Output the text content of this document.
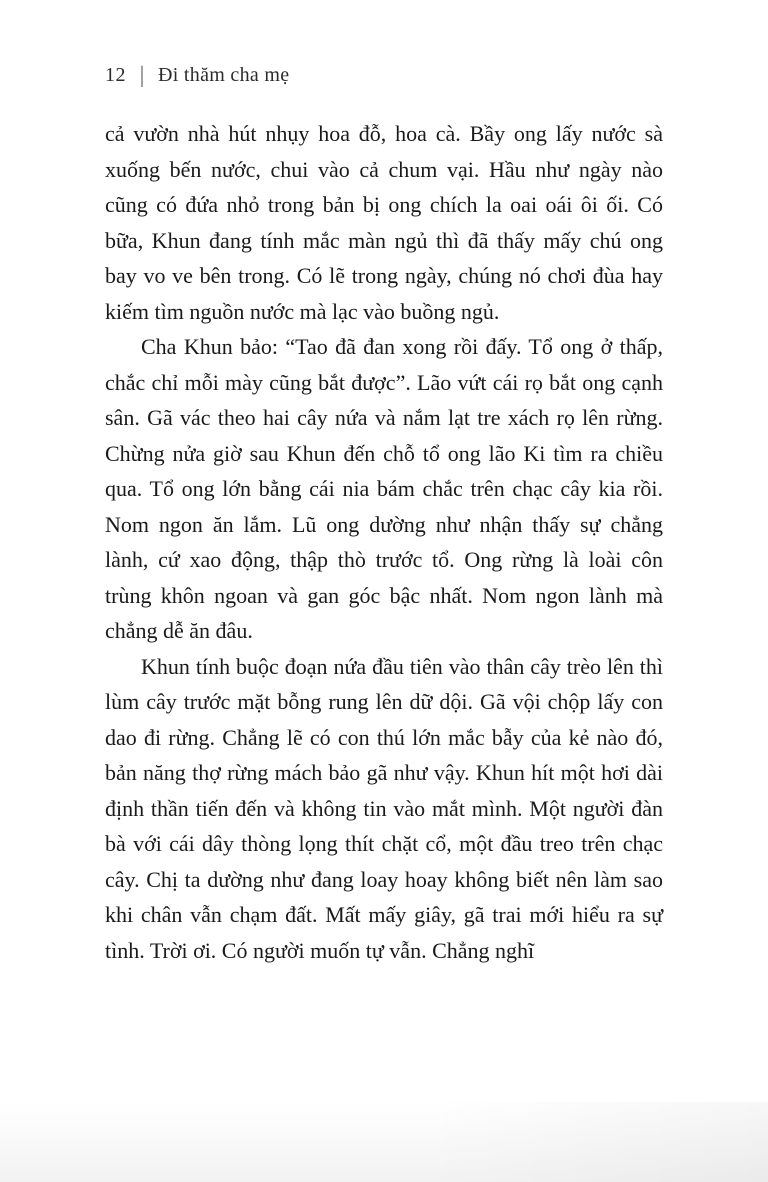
12 | Đi thăm cha mẹ

cả vườn nhà hút nhụy hoa đỗ, hoa cà. Bầy ong lấy nước sà xuống bến nước, chui vào cả chum vại. Hầu như ngày nào cũng có đứa nhỏ trong bản bị ong chích la oai oái ôi ối. Có bữa, Khun đang tính mắc màn ngủ thì đã thấy mấy chú ong bay vo ve bên trong. Có lẽ trong ngày, chúng nó chơi đùa hay kiếm tìm nguồn nước mà lạc vào buồng ngủ.

Cha Khun bảo: “Tao đã đan xong rồi đấy. Tổ ong ở thấp, chắc chỉ mỗi mày cũng bắt được”. Lão vứt cái rọ bắt ong cạnh sân. Gã vác theo hai cây nứa và nắm lạt tre xách rọ lên rừng. Chừng nửa giờ sau Khun đến chỗ tổ ong lão Ki tìm ra chiều qua. Tổ ong lớn bằng cái nia bám chắc trên chạc cây kia rồi. Nom ngon ăn lắm. Lũ ong dường như nhận thấy sự chẳng lành, cứ xao động, thập thò trước tổ. Ong rừng là loài côn trùng khôn ngoan và gan góc bậc nhất. Nom ngon lành mà chẳng dễ ăn đâu.

Khun tính buộc đoạn nứa đầu tiên vào thân cây trèo lên thì lùm cây trước mặt bỗng rung lên dữ dội. Gã vội chộp lấy con dao đi rừng. Chẳng lẽ có con thú lớn mắc bẫy của kẻ nào đó, bản năng thợ rừng mách bảo gã như vậy. Khun hít một hơi dài định thần tiến đến và không tin vào mắt mình. Một người đàn bà với cái dây thòng lọng thít chặt cổ, một đầu treo trên chạc cây. Chị ta dường như đang loay hoay không biết nên làm sao khi chân vẫn chạm đất. Mất mấy giây, gã trai mới hiểu ra sự tình. Trời ơi. Có người muốn tự vẫn. Chẳng nghĩ
